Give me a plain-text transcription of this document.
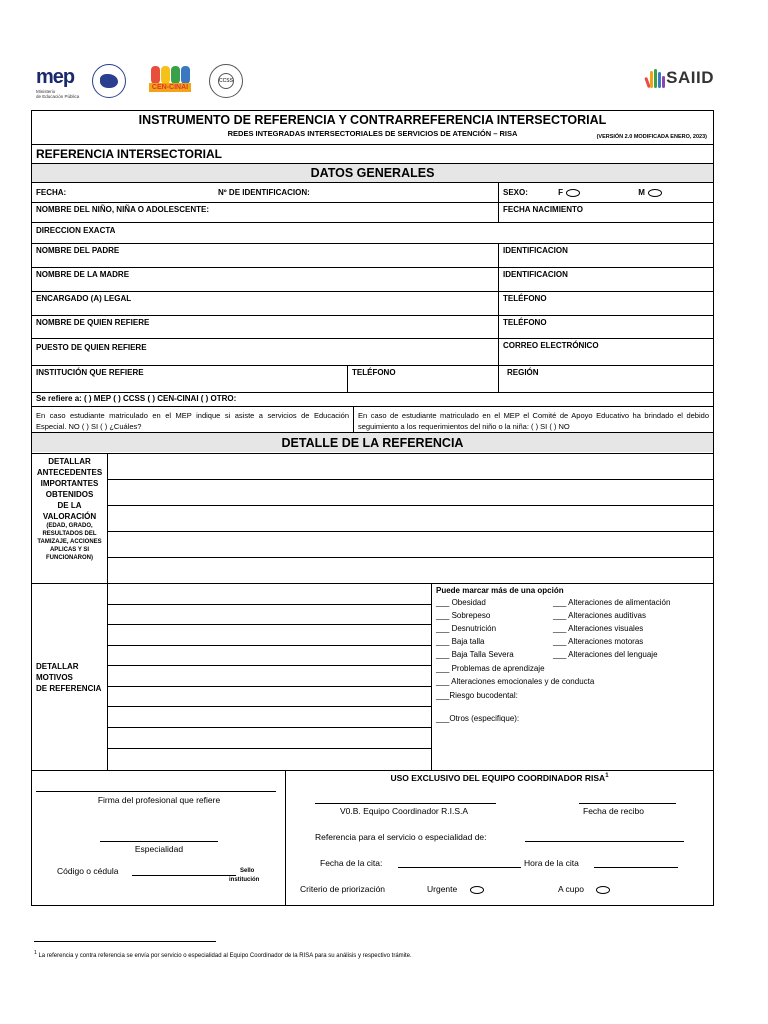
mep
Ministerio
de Educación Pública
CEN-CINAI
CCSS	SAIID
INSTRUMENTO DE REFERENCIA Y CONTRARREFERENCIA INTERSECTORIAL
REDES INTEGRADAS INTERSECTORIALES DE SERVICIOS DE ATENCIÓN – RISA	(VERSIÓN 2.0 MODIFICADA ENERO, 2023)
REFERENCIA INTERSECTORIAL
DATOS GENERALES
FECHA:	Nº DE IDENTIFICACION:	SEXO:	F	M
NOMBRE DEL NIÑO, NIÑA O ADOLESCENTE:	FECHA NACIMIENTO
DIRECCION EXACTA
NOMBRE DEL PADRE	IDENTIFICACION
NOMBRE DE LA MADRE	IDENTIFICACION
ENCARGADO (A) LEGAL	TELÉFONO
NOMBRE DE QUIEN REFIERE	TELÉFONO
PUESTO DE QUIEN REFIERE	CORREO ELECTRÓNICO
INSTITUCIÓN QUE REFIERE	TELÉFONO	REGIÓN
Se refiere a: ( ) MEP ( ) CCSS ( ) CEN-CINAI ( ) OTRO:
En caso estudiante matriculado en el MEP indique si asiste a servicios de Educación Especial. NO ( ) SI ( ) ¿Cuáles?
En caso de estudiante matriculado en el MEP el Comité de Apoyo Educativo ha brindado el debido seguimiento a los requerimientos del niño o la niña: ( ) SI ( ) NO
DETALLE DE LA REFERENCIA
DETALLAR
ANTECEDENTES
IMPORTANTES
OBTENIDOS
DE LA
VALORACIÓN
(EDAD, GRADO, RESULTADOS DEL TAMIZAJE, ACCIONES APLICAS Y SI FUNCIONARON)
DETALLAR
MOTIVOS
DE REFERENCIA
Puede marcar más de una opción
___ Obesidad	___ Alteraciones de alimentación
___ Sobrepeso	___ Alteraciones auditivas
___ Desnutrición	___ Alteraciones visuales
___ Baja talla	___ Alteraciones motoras
___ Baja Talla Severa	___ Alteraciones del lenguaje
___ Problemas de aprendizaje
___ Alteraciones emocionales y de conducta
___Riesgo bucodental:
___Otros (especifique):
Firma del profesional que refiere
Especialidad
Código o cédula	Sello
institución
USO EXCLUSIVO DEL EQUIPO COORDINADOR RISA$^1$
V0.B. Equipo Coordinador R.I.S.A	Fecha de recibo
Referencia para el servicio o especialidad de:
Fecha de la cita:	Hora de la cita
Criterio de priorización	Urgente	A cupo
$^1$ La referencia y contra referencia se envía por servicio o especialidad al Equipo Coordinador de la RISA para su análisis y respectivo trámite.
